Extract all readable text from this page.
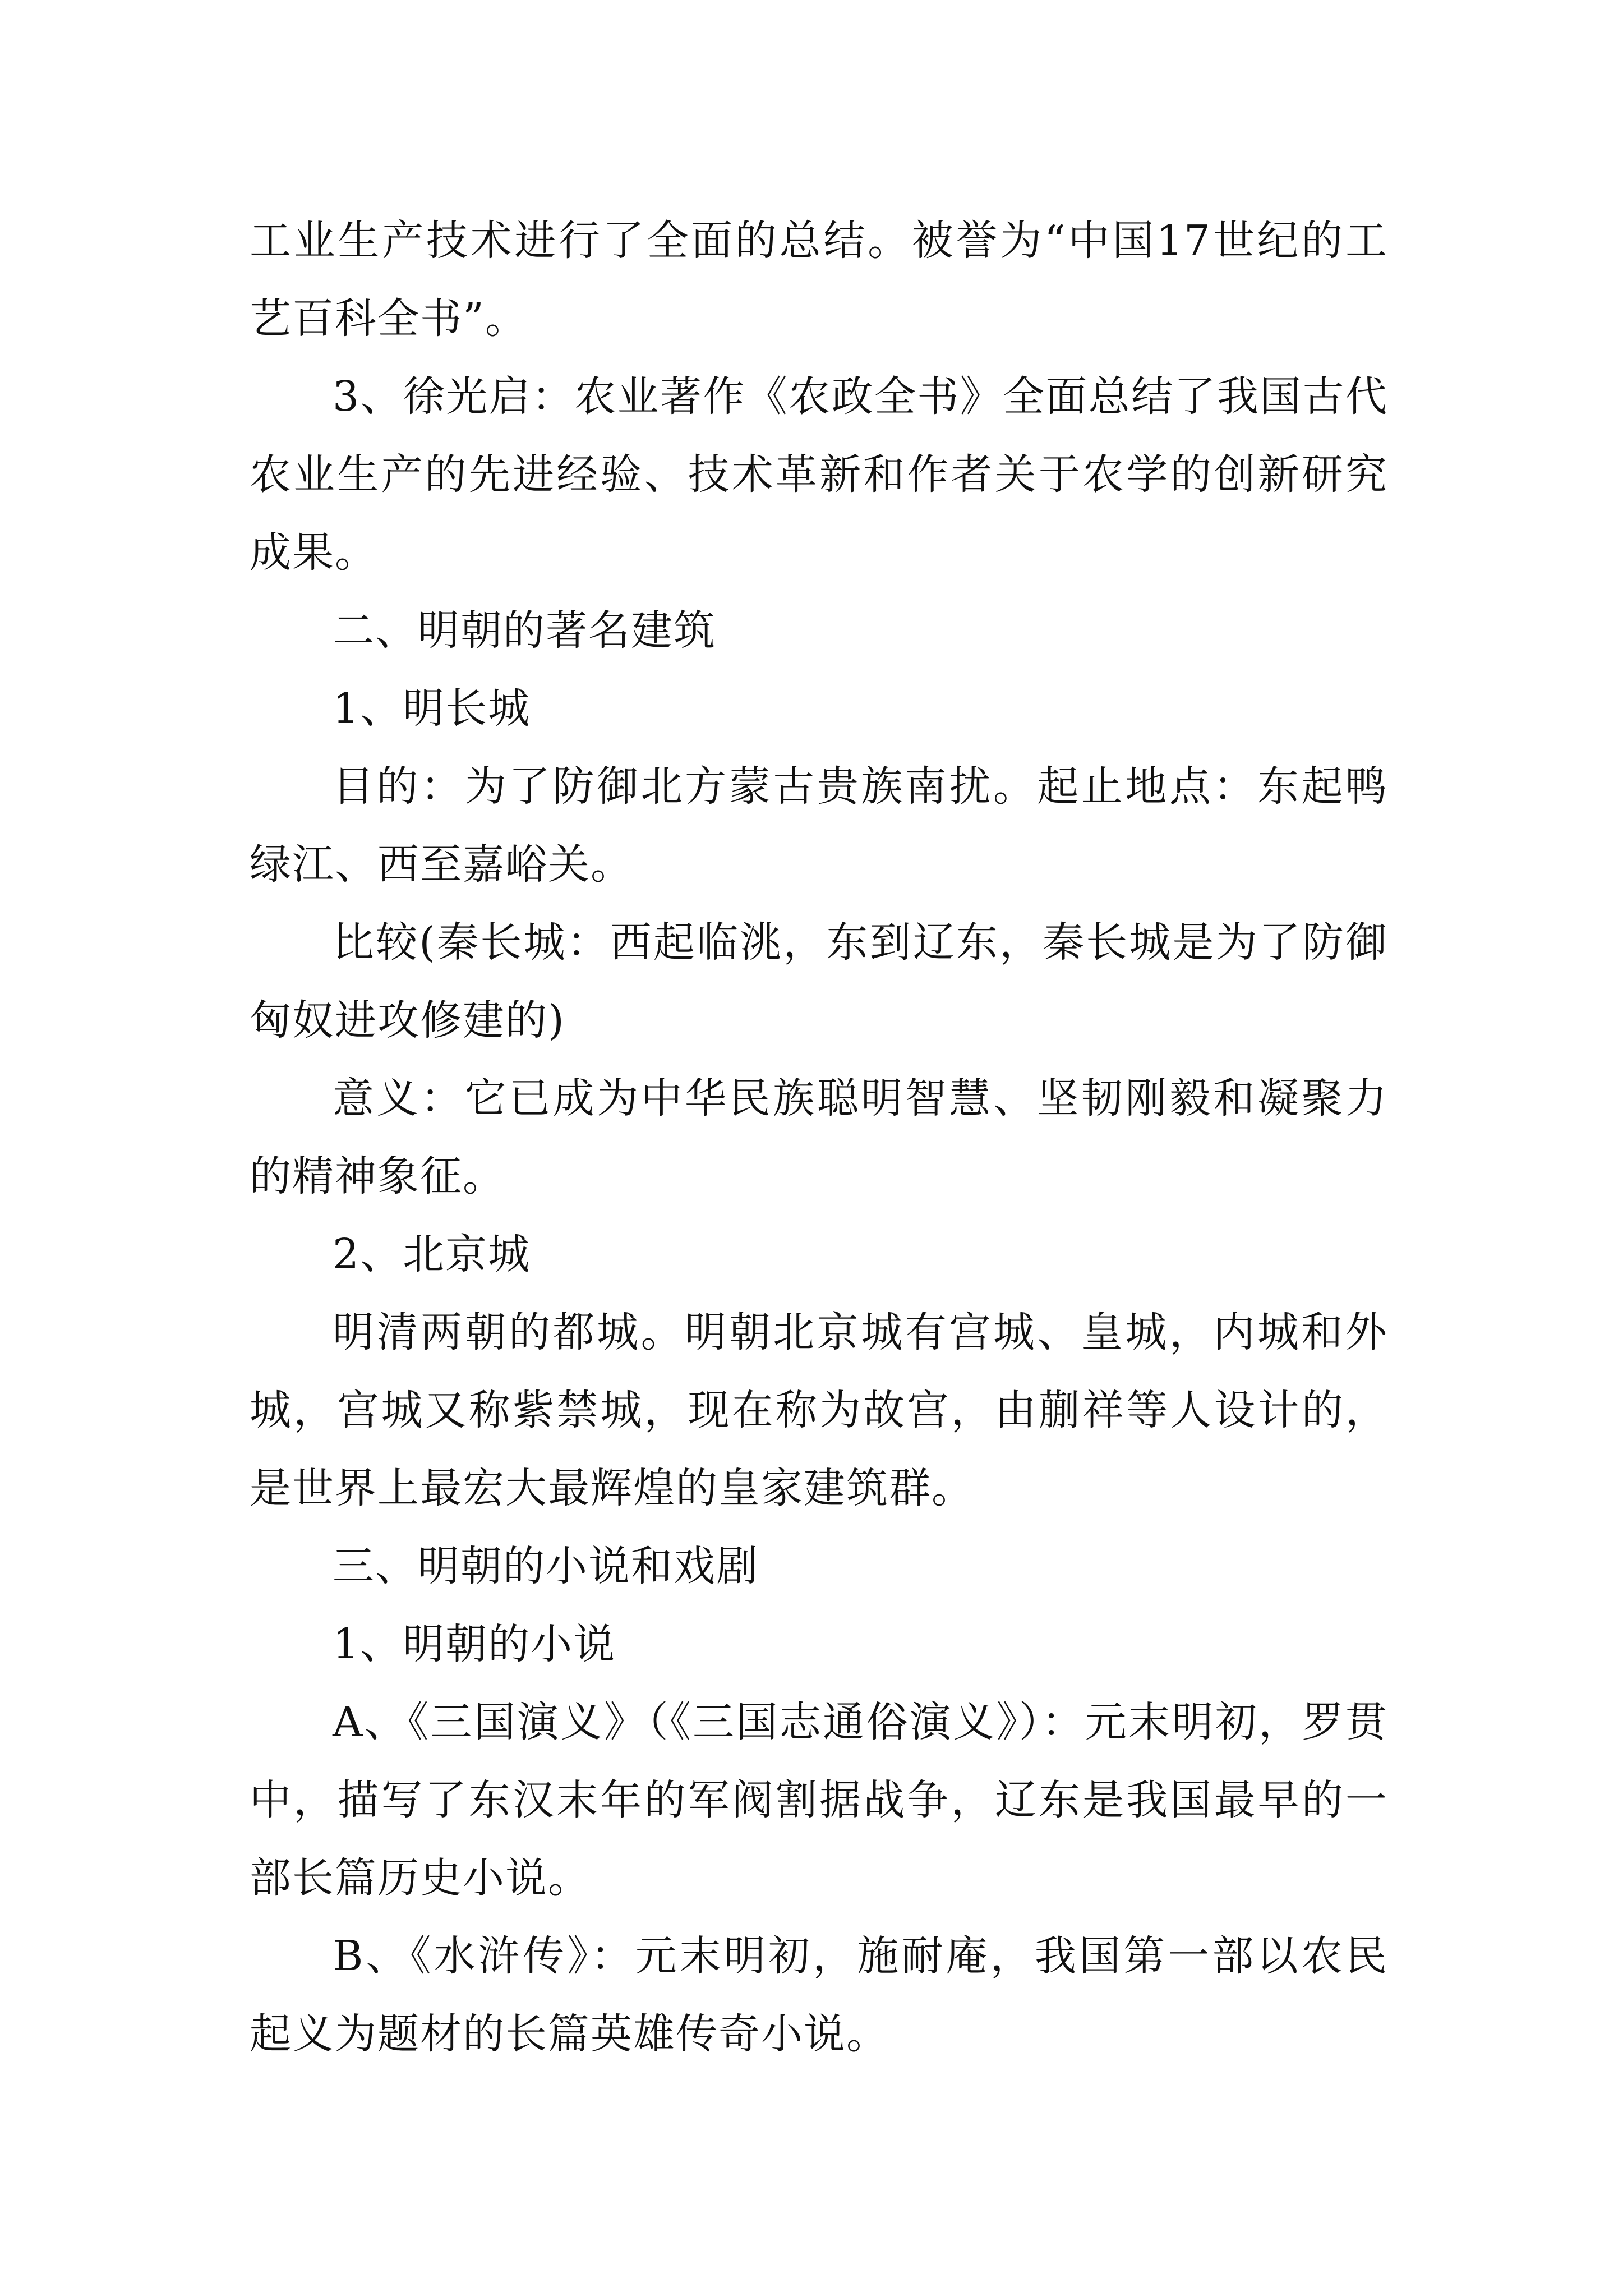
工业生产技术进行了全面的总结。被誉为“中国17世纪的工艺百科全书”。

3、徐光启：农业著作《农政全书》全面总结了我国古代农业生产的先进经验、技术革新和作者关于农学的创新研究成果。

二、明朝的著名建筑

1、明长城

目的：为了防御北方蒙古贵族南扰。起止地点：东起鸭绿江、西至嘉峪关。

比较(秦长城：西起临洮，东到辽东，秦长城是为了防御匈奴进攻修建的)

意义：它已成为中华民族聪明智慧、坚韧刚毅和凝聚力的精神象征。

2、北京城

明清两朝的都城。明朝北京城有宫城、皇城，内城和外城，宫城又称紫禁城，现在称为故宫，由蒯祥等人设计的，是世界上最宏大最辉煌的皇家建筑群。

三、明朝的小说和戏剧

1、明朝的小说

A、《三国演义》（《三国志通俗演义》）：元末明初，罗贯中，描写了东汉末年的军阀割据战争，辽东是我国最早的一部长篇历史小说。

B、《水浒传》：元末明初，施耐庵，我国第一部以农民起义为题材的长篇英雄传奇小说。
